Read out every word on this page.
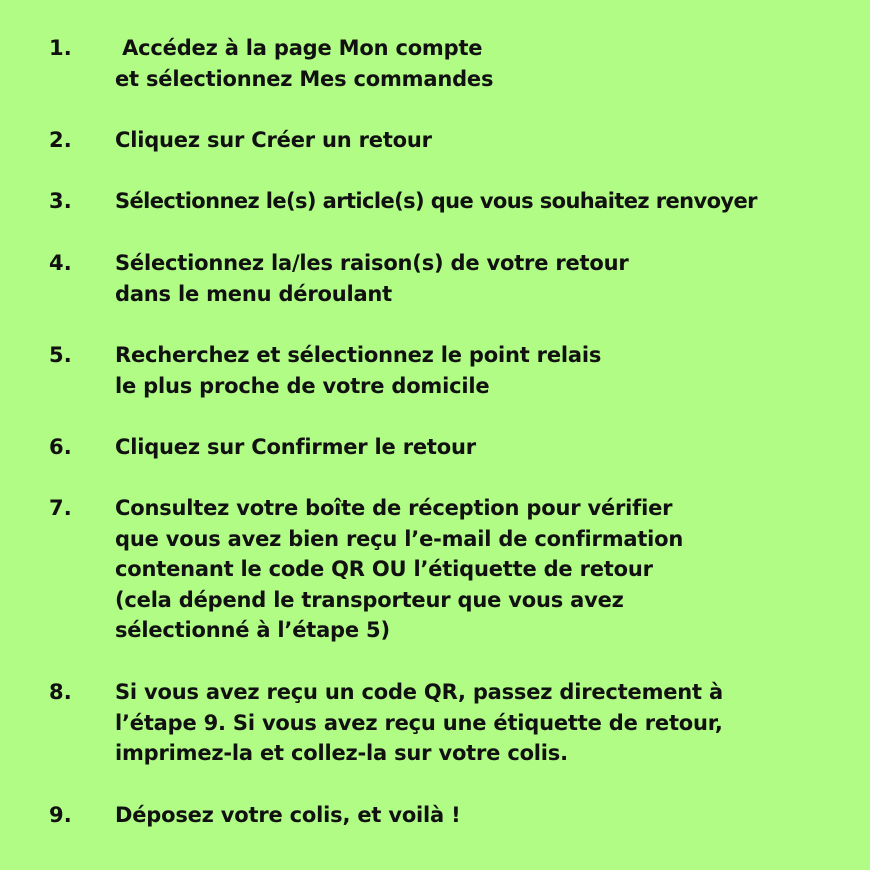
1. Accédez à la page Mon compte
et sélectionnez Mes commandes
2. Cliquez sur Créer un retour
3. Sélectionnez le(s) article(s) que vous souhaitez renvoyer
4. Sélectionnez la/les raison(s) de votre retour
dans le menu déroulant
5. Recherchez et sélectionnez le point relais
le plus proche de votre domicile
6. Cliquez sur Confirmer le retour
7. Consultez votre boîte de réception pour vérifier
que vous avez bien reçu l’e-mail de confirmation
contenant le code QR OU l’étiquette de retour
(cela dépend le transporteur que vous avez
sélectionné à l’étape 5)
8. Si vous avez reçu un code QR, passez directement à
l’étape 9. Si vous avez reçu une étiquette de retour,
imprimez-la et collez-la sur votre colis.
9. Déposez votre colis, et voilà !
